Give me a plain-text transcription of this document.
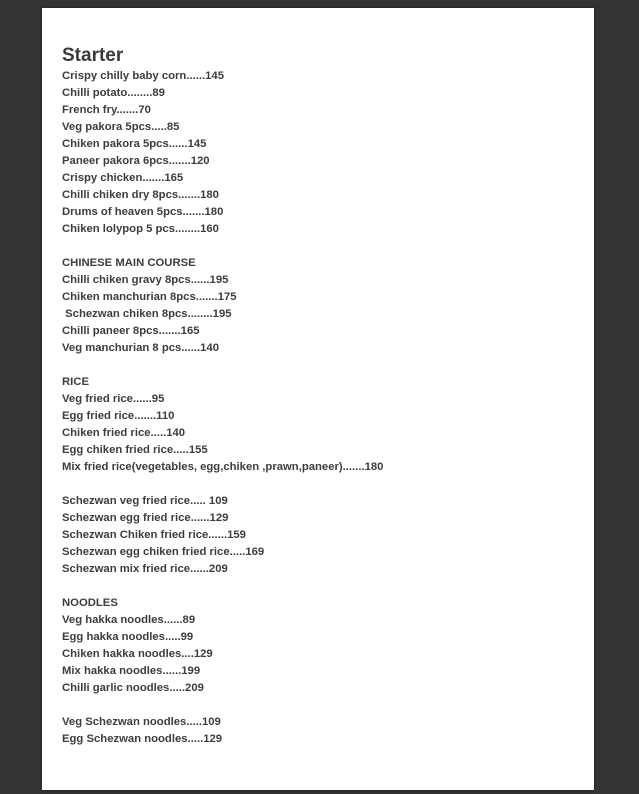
Starter
Crispy chilly baby corn......145
Chilli potato........89
French fry.......70
Veg pakora 5pcs.....85
Chiken pakora 5pcs......145
Paneer pakora 6pcs.......120
Crispy chicken.......165
Chilli chiken dry 8pcs.......180
Drums of heaven 5pcs.......180
Chiken lolypop 5 pcs........160
CHINESE MAIN COURSE
Chilli chiken gravy 8pcs......195
Chiken manchurian 8pcs.......175
Schezwan chiken 8pcs........195
Chilli paneer 8pcs.......165
Veg manchurian 8 pcs......140
RICE
Veg fried rice......95
Egg fried rice.......110
Chiken fried rice.....140
Egg chiken fried rice.....155
Mix fried rice(vegetables, egg,chiken ,prawn,paneer).......180
Schezwan veg fried rice..... 109
Schezwan egg fried rice......129
Schezwan Chiken fried rice......159
Schezwan egg chiken fried rice.....169
Schezwan mix fried rice......209
NOODLES
Veg hakka noodles......89
Egg hakka noodles.....99
Chiken hakka noodles....129
Mix hakka noodles......199
Chilli garlic noodles.....209
Veg Schezwan noodles.....109
Egg Schezwan noodles.....129
